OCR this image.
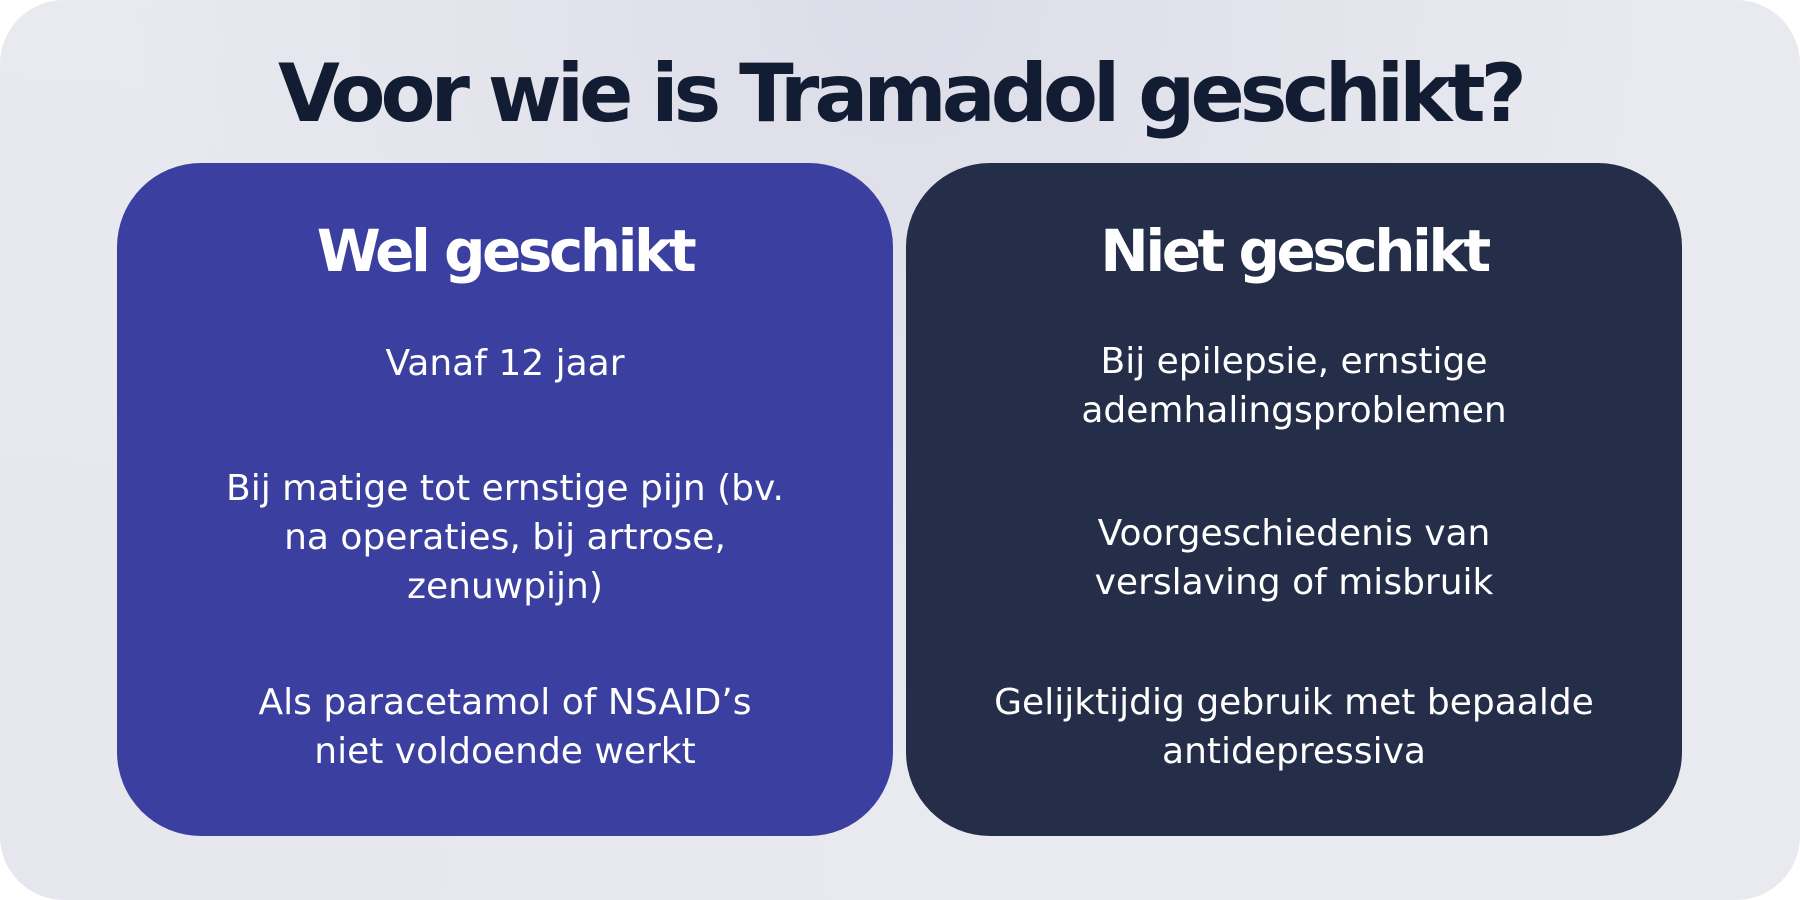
Voor wie is Tramadol geschikt?
Wel geschikt
Vanaf 12 jaar
Bij matige tot ernstige pijn (bv.
na operaties, bij artrose,
zenuwpijn)
Als paracetamol of NSAID’s
niet voldoende werkt
Niet geschikt
Bij epilepsie, ernstige
ademhalingsproblemen
Voorgeschiedenis van
verslaving of misbruik
Gelijktijdig gebruik met bepaalde
antidepressiva
